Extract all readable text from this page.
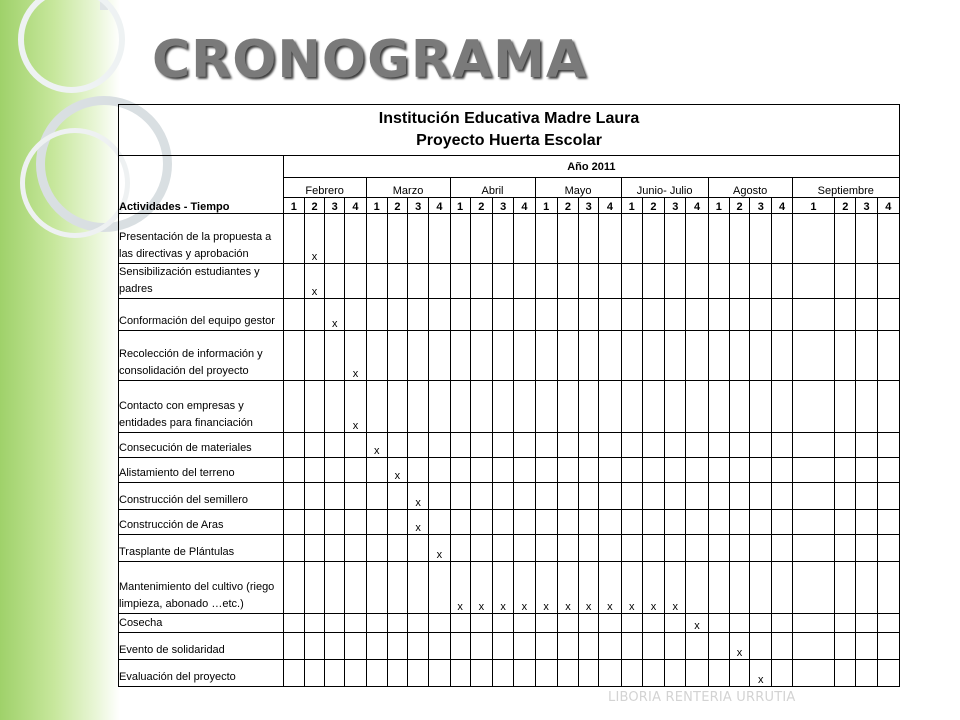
CRONOGRAMA
Institución Educativa Madre Laura
Proyecto Huerta Escolar																												

Actividades - Tiempo	Año 2011																											
	Febrero				Marzo				Abril				Mayo				Junio- Julio				Agosto				Septiembre			
	1	2	3	4	1	2	3	4	1	2	3	4	1	2	3	4	1	2	3	4	1	2	3	4	1	2	3	4
Presentación de la propuesta a las directivas y aprobación		x																										
Sensibilización estudiantes y padres		x																										
Conformación del equipo gestor			x																									
Recolección de información y consolidación del proyecto				x																								
Contacto con empresas y entidades para financiación				x																								
Consecución de materiales					x																							
Alistamiento del terreno						x																						
Construcción del semillero							x																					
Construcción de Aras							x																					
Trasplante de Plántulas								x																				
Mantenimiento del cultivo (riego limpieza, abonado …etc.)									x	x	x	x	x	x	x	x	x	x	x									
Cosecha																				x								
Evento de solidaridad																						x						
Evaluación del proyecto																							x					

LIBORIA RENTERIA URRUTIA
